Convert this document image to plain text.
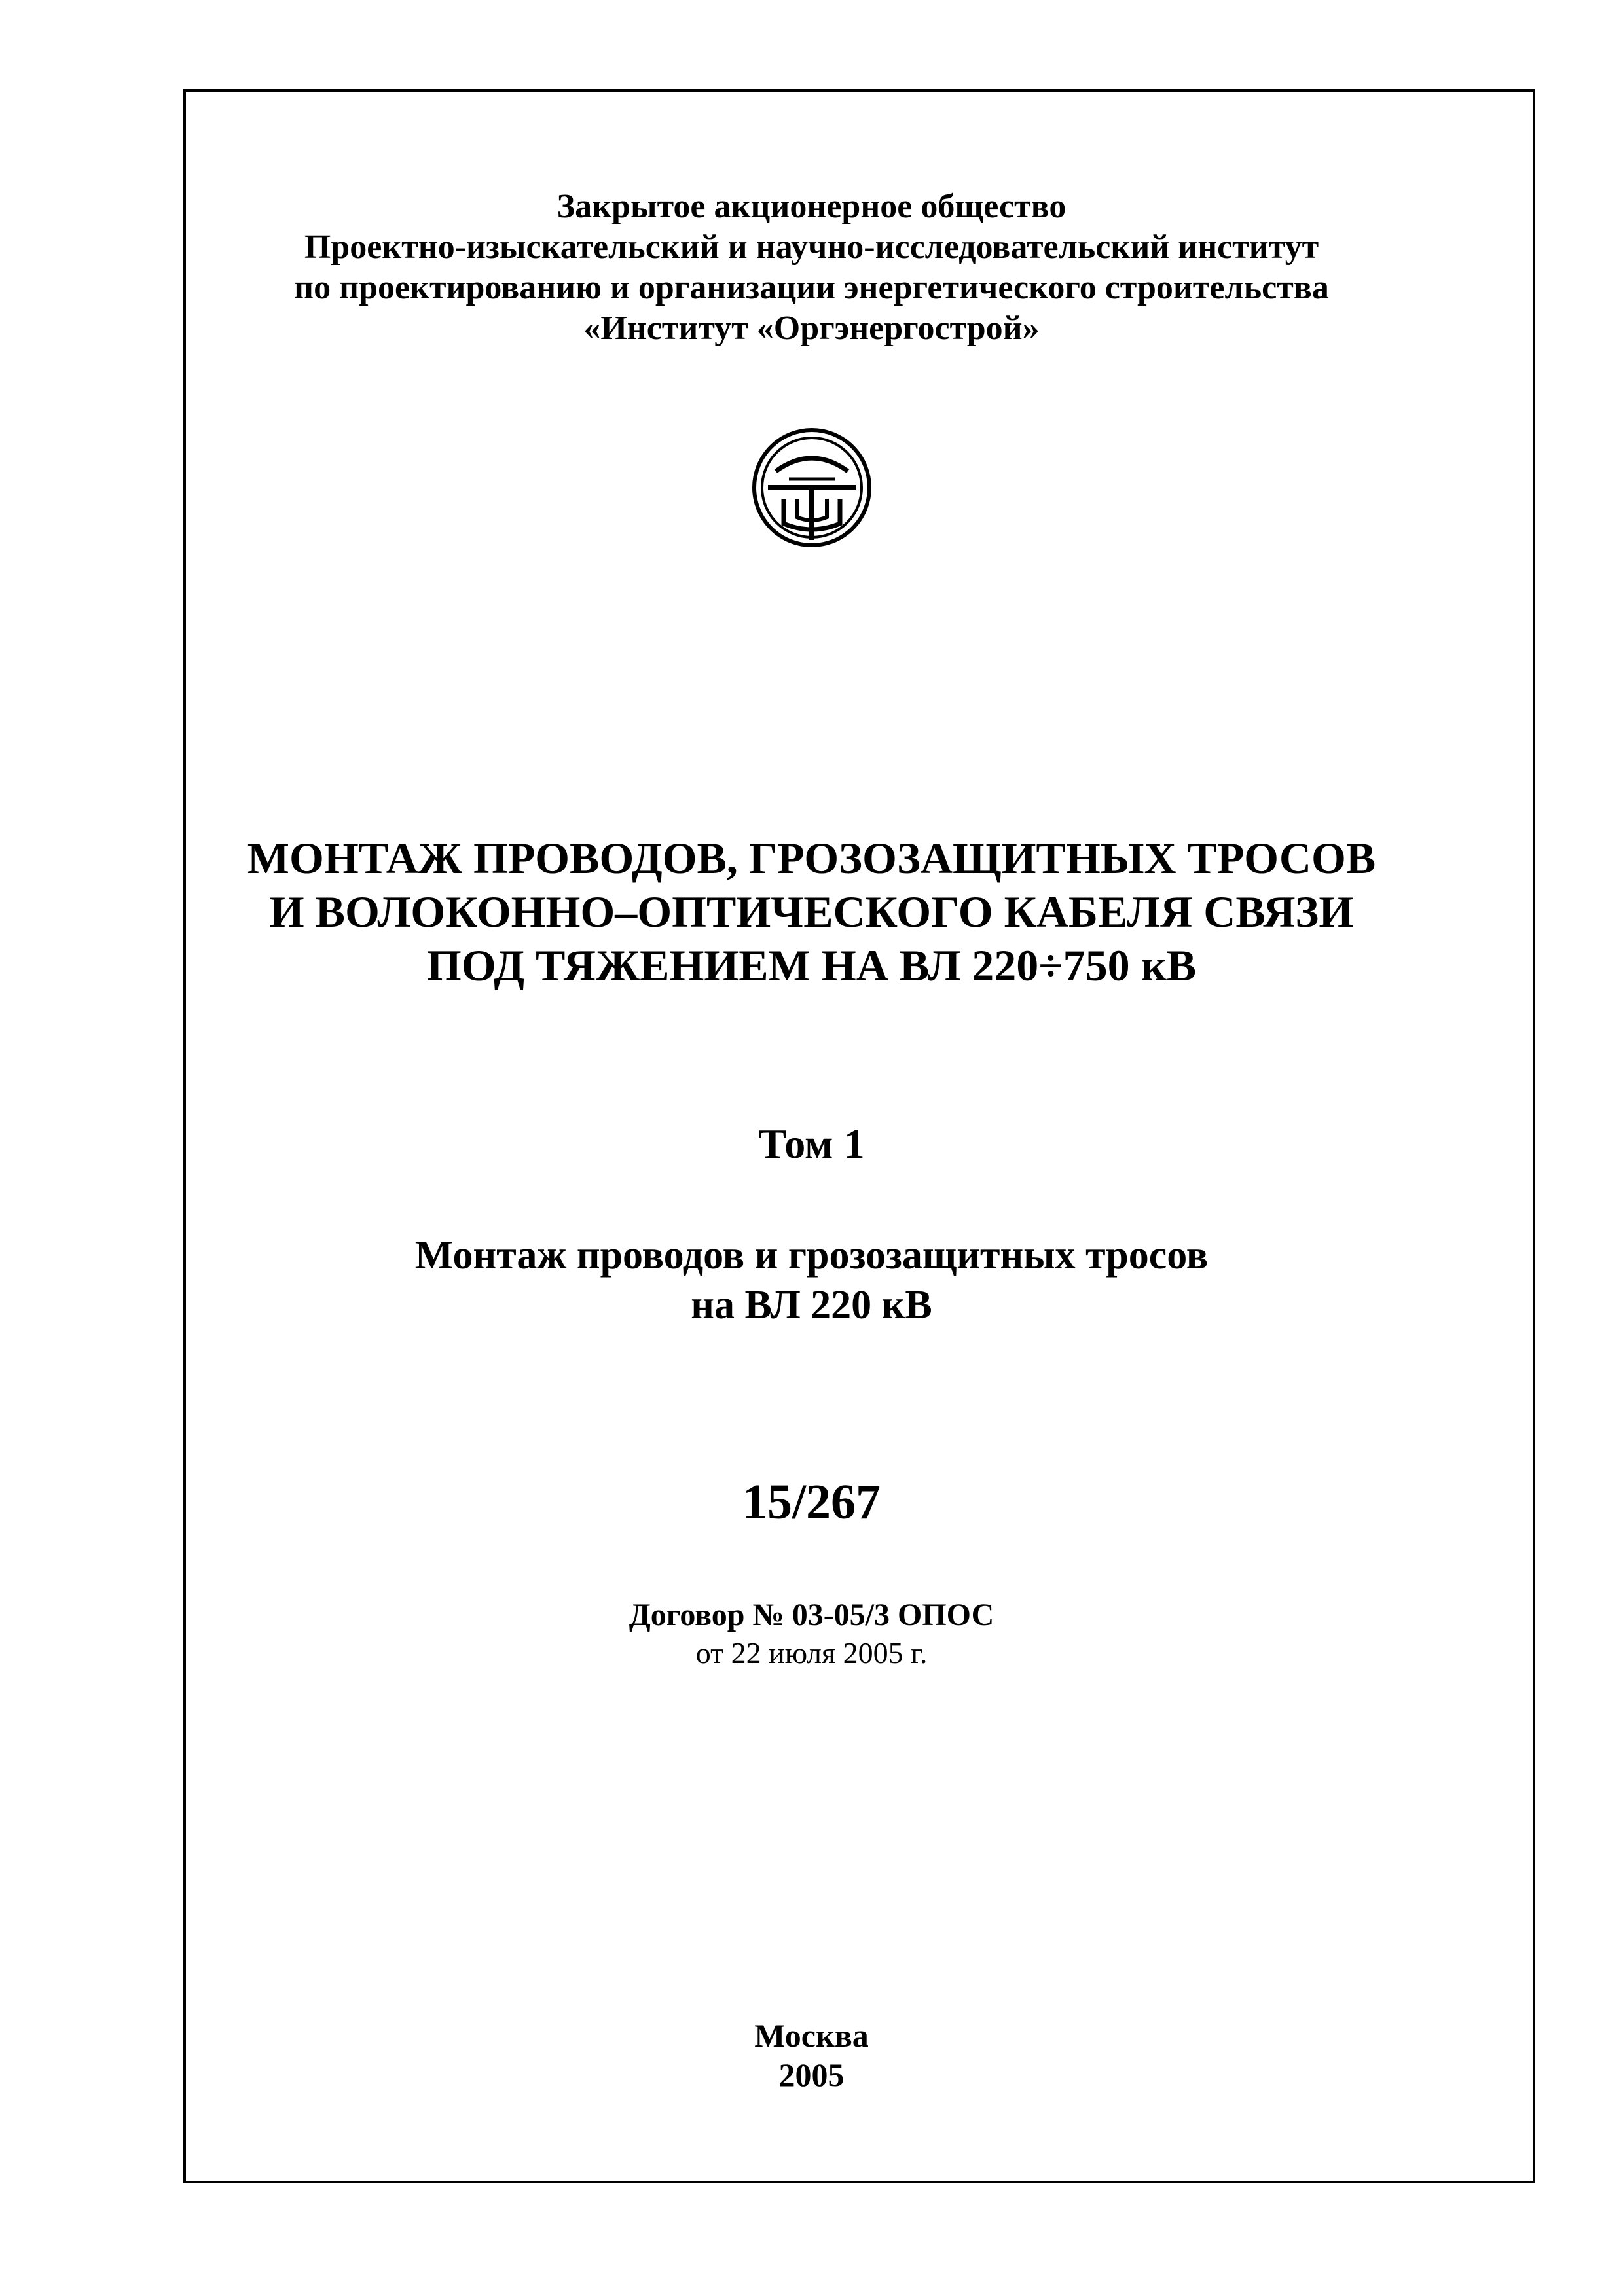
Закрытое акционерное общество
Проектно-изыскательский и научно-исследовательский институт
по проектированию и организации энергетического строительства
«Институт «Оргэнергострой»
МОНТАЖ ПРОВОДОВ, ГРОЗОЗАЩИТНЫХ ТРОСОВ
И ВОЛОКОННО–ОПТИЧЕСКОГО КАБЕЛЯ СВЯЗИ
ПОД ТЯЖЕНИЕМ НА ВЛ 220÷750 кВ
Том 1
Монтаж проводов и грозозащитных тросов
на ВЛ 220 кВ
15/267
Договор № 03-05/3 ОПОС
от 22 июля 2005 г.
Москва
2005
